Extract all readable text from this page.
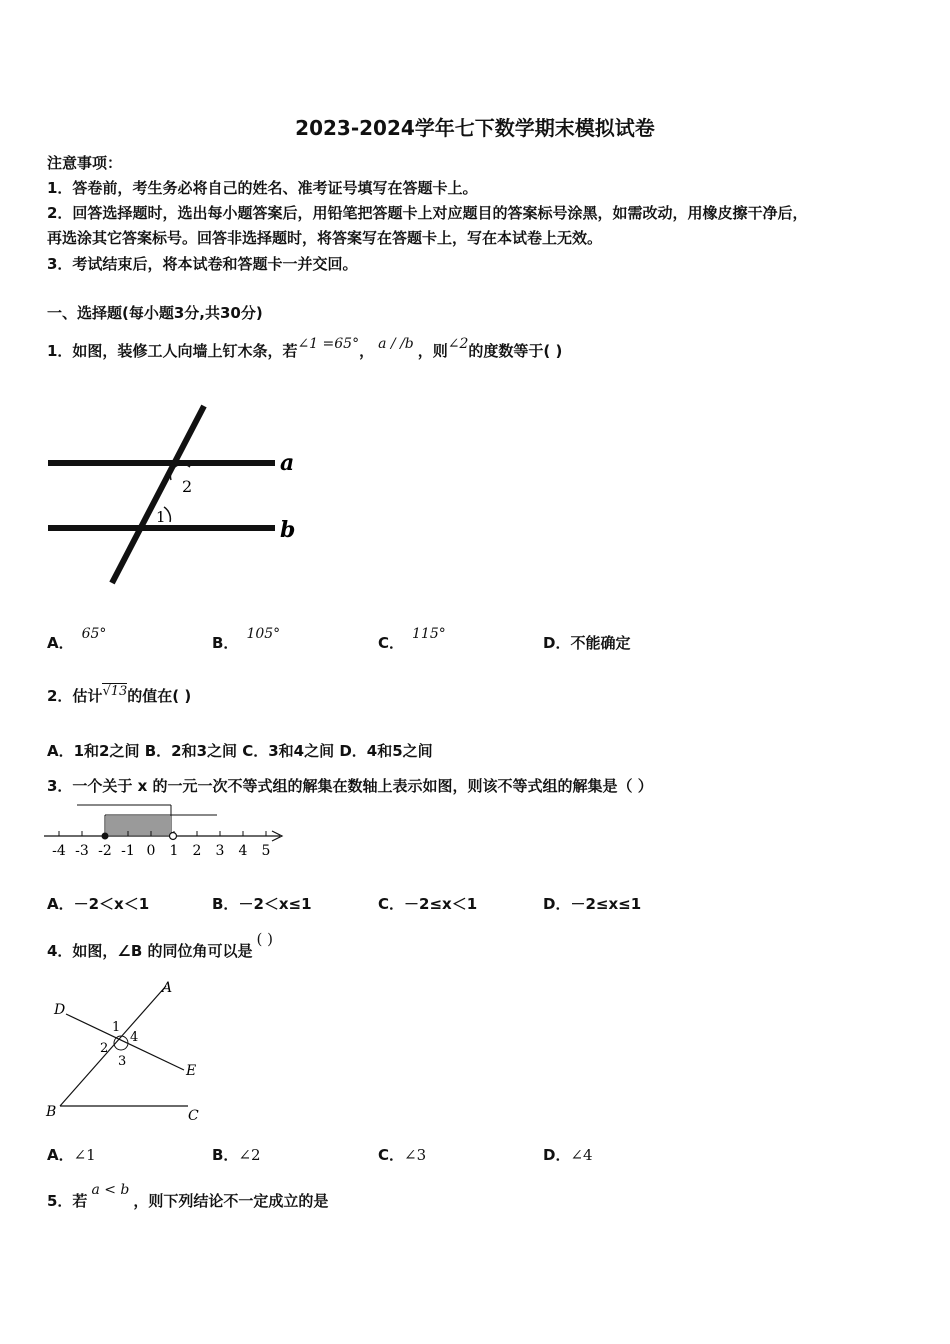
2023-2024学年七下数学期末模拟试卷
注意事项：
1．答卷前，考生务必将自己的姓名、准考证号填写在答题卡上。
2．回答选择题时，选出每小题答案后，用铅笔把答题卡上对应题目的答案标号涂黑，如需改动，用橡皮擦干净后，
再选涂其它答案标号。回答非选择题时，将答案写在答题卡上，写在本试卷上无效。
3．考试结束后，将本试卷和答题卡一并交回。
一、选择题(每小题3分,共30分)
1．如图，装修工人向墙上钉木条，若∠1 =65°， a / /b ，则∠2的度数等于( )
a
b
1
2
A． 65°	B． 105°	C． 115°	D．不能确定
2．估计√13的值在( )
A．1和2之间 B．2和3之间 C．3和4之间 D．4和5之间
3．一个关于 x 的一元一次不等式组的解集在数轴上表示如图，则该不等式组的解集是（ ）
-4 -3 -2 -1 0 1 2 3 4 5
A．－2＜x＜1	B．－2＜x≤1	C．－2≤x＜1	D．－2≤x≤1
4．如图，∠B 的同位角可以是( )
A
B	C
D
E
1
2
3
4
A．∠1	B．∠2	C．∠3	D．∠4
5．若a < b，则下列结论不一定成立的是
